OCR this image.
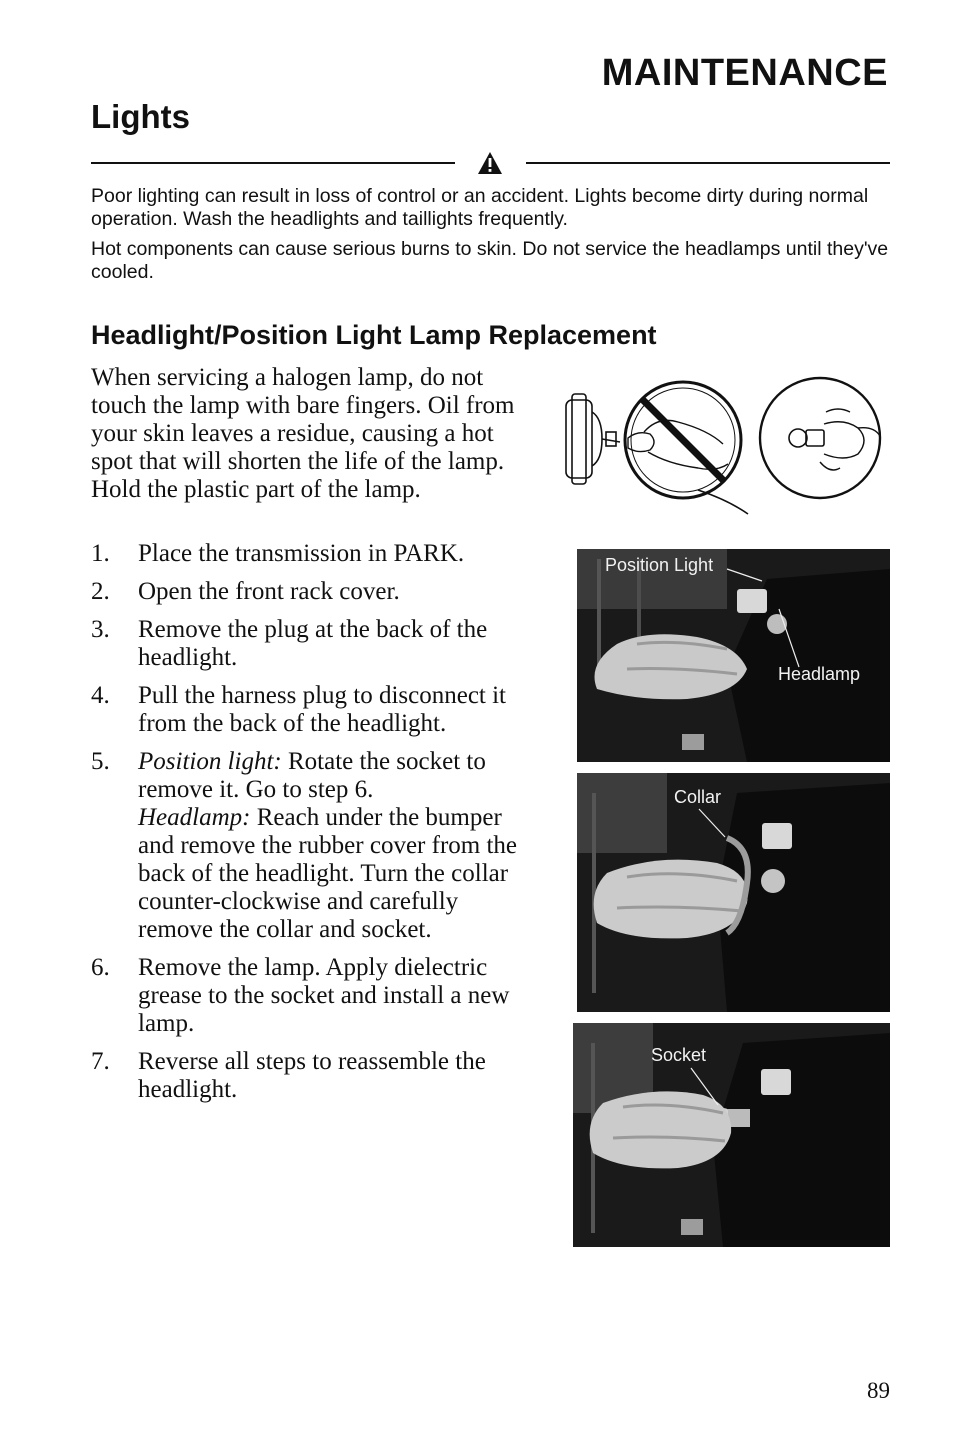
MAINTENANCE
Lights
Poor lighting can result in loss of control or an accident. Lights become dirty during normal operation. Wash the headlights and taillights frequently.
Hot components can cause serious burns to skin. Do not service the headlamps until they've cooled.
Headlight/Position Light Lamp Replacement
When servicing a halogen lamp, do not touch the lamp with bare fingers. Oil from your skin leaves a residue, causing a hot spot that will shorten the life of the lamp. Hold the plastic part of the lamp.
1. Place the transmission in PARK.
2. Open the front rack cover.
3. Remove the plug at the back of the headlight.
4. Pull the harness plug to disconnect it from the back of the headlight.
5. Position light: Rotate the socket to remove it. Go to step 6.
Headlamp: Reach under the bumper and remove the rubber cover from the back of the headlight. Turn the collar counter-clockwise and carefully remove the collar and socket.
6. Remove the lamp. Apply dielectric grease to the socket and install a new lamp.
7. Reverse all steps to reassemble the headlight.
Position Light
Headlamp
Collar
Socket
89
